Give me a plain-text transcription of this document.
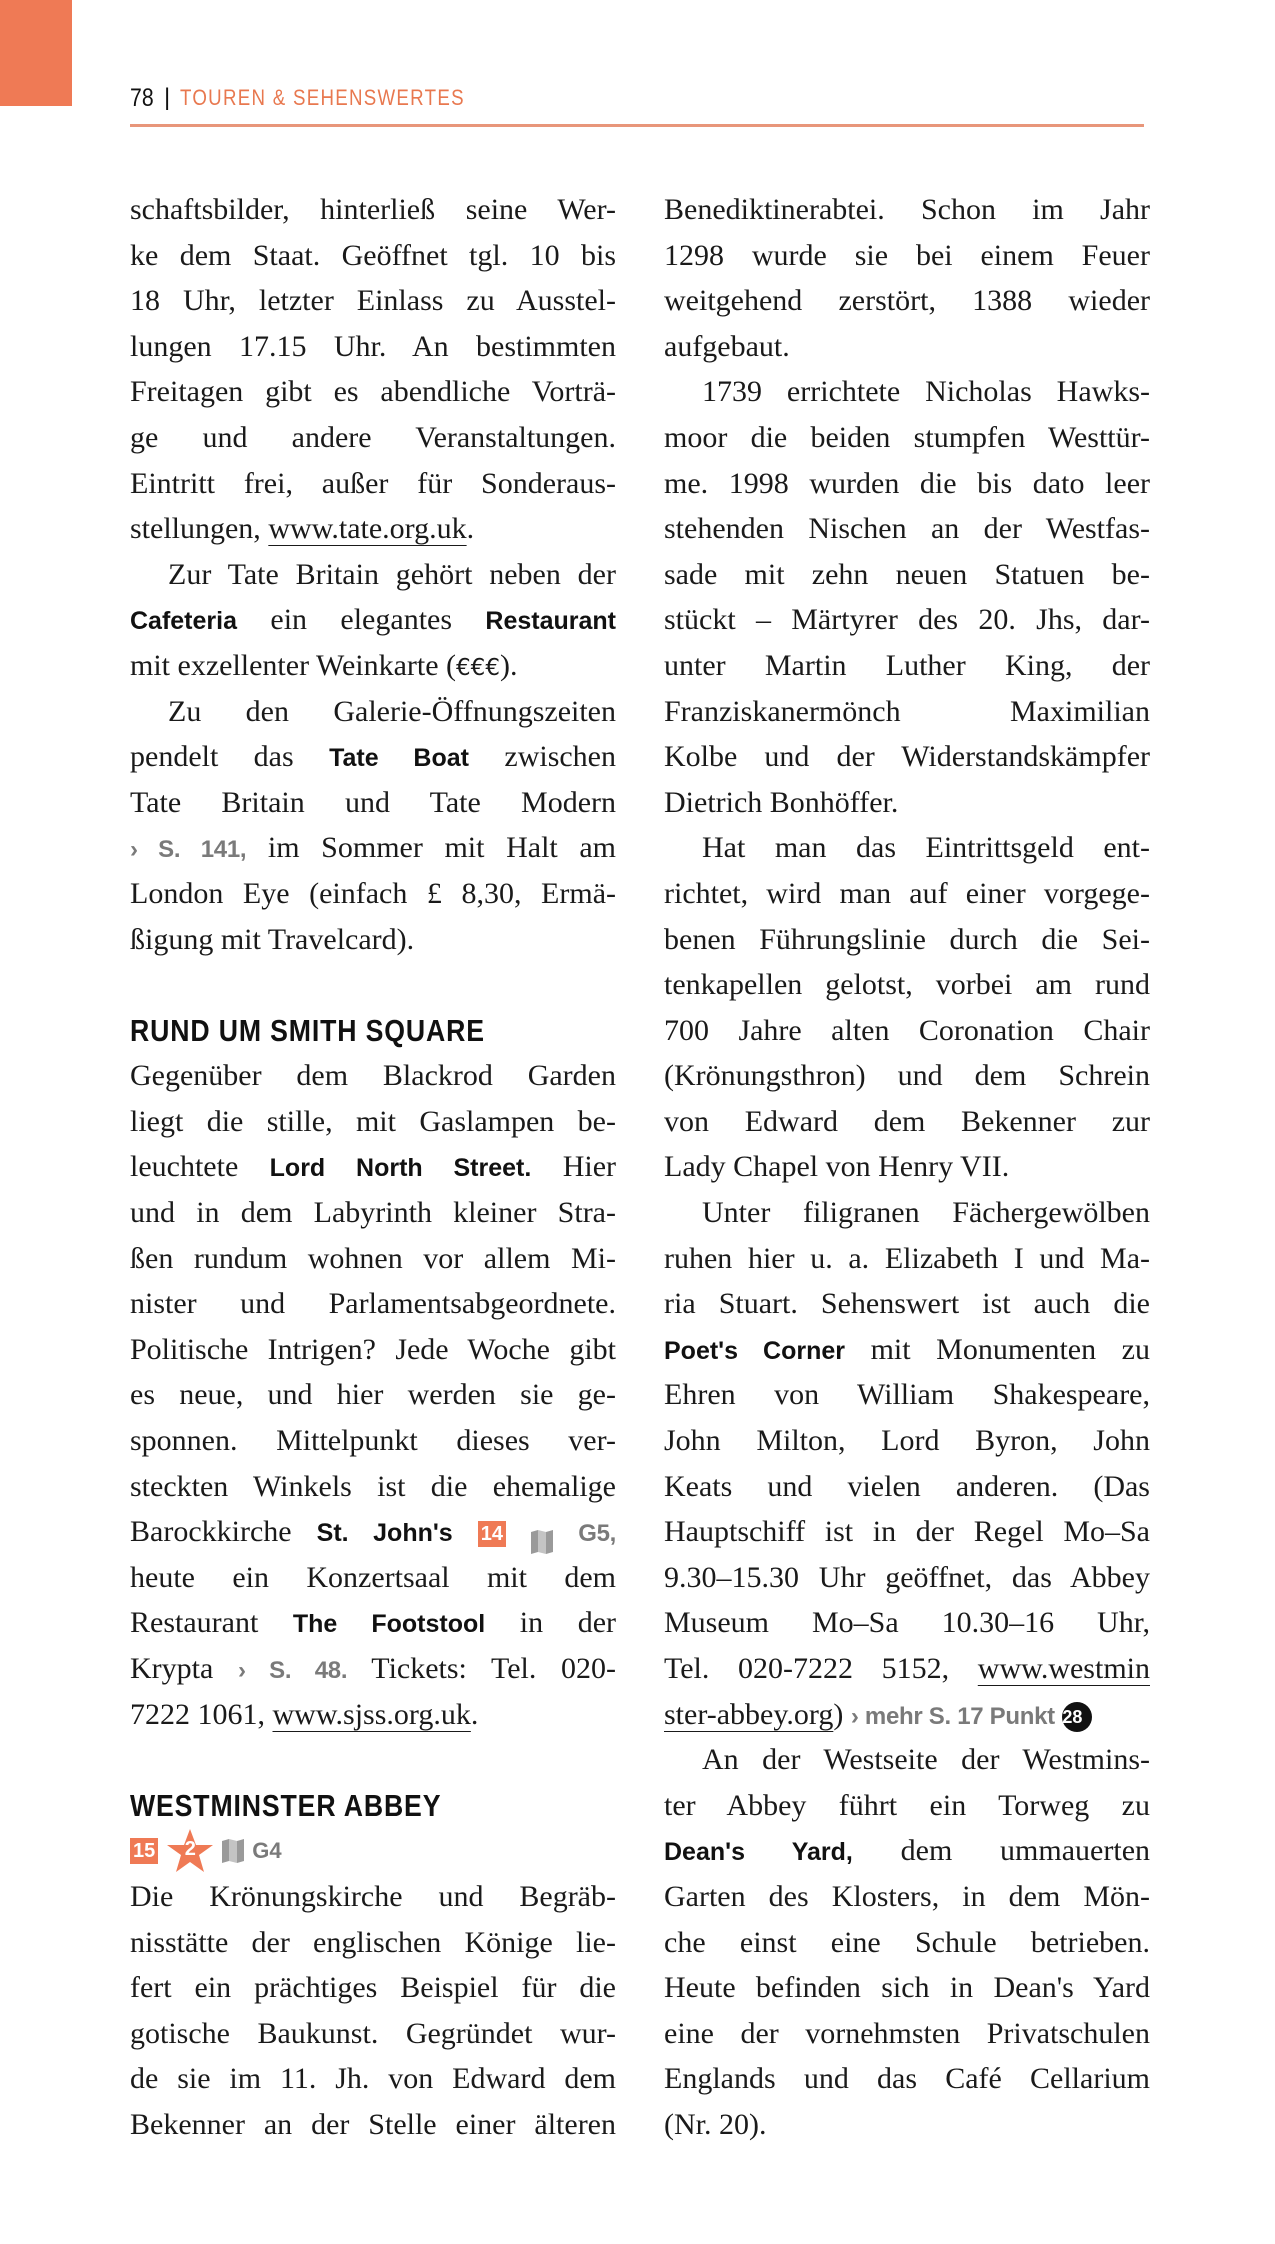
78 | TOUREN & SEHENSWERTES
schaftsbilder, hinterließ seine Wer-
ke dem Staat. Geöffnet tgl. 10 bis
18 Uhr, letzter Einlass zu Ausstel-
lungen 17.15 Uhr. An bestimmten
Freitagen gibt es abendliche Vorträ-
ge und andere Veranstaltungen.
Eintritt frei, außer für Sonderaus-
stellungen, www.tate.org.uk.
Zur Tate Britain gehört neben der
Cafeteria ein elegantes Restaurant
mit exzellenter Weinkarte (€€€).
Zu den Galerie-Öffnungszeiten
pendelt das Tate Boat zwischen
Tate Britain und Tate Modern
› S. 141, im Sommer mit Halt am
London Eye (einfach £ 8,30, Ermä-
ßigung mit Travelcard).
RUND UM SMITH SQUARE
Gegenüber dem Blackrod Garden
liegt die stille, mit Gaslampen be-
leuchtete Lord North Street. Hier
und in dem Labyrinth kleiner Stra-
ßen rundum wohnen vor allem Mi-
nister und Parlamentsabgeordnete.
Politische Intrigen? Jede Woche gibt
es neue, und hier werden sie ge-
sponnen. Mittelpunkt dieses ver-
steckten Winkels ist die ehemalige
Barockkirche St. John's 14	G5,
heute ein Konzertsaal mit dem
Restaurant The Footstool in der
Krypta › S. 48. Tickets: Tel. 020-
7222 1061, www.sjss.org.uk.
WESTMINSTER ABBEY
15	2	G4
Die Krönungskirche und Begräb-
nisstätte der englischen Könige lie-
fert ein prächtiges Beispiel für die
gotische Baukunst. Gegründet wur-
de sie im 11. Jh. von Edward dem
Bekenner an der Stelle einer älteren
Benediktinerabtei. Schon im Jahr
1298 wurde sie bei einem Feuer
weitgehend zerstört, 1388 wieder
aufgebaut.
1739 errichtete Nicholas Hawks-
moor die beiden stumpfen Westtür-
me. 1998 wurden die bis dato leer
stehenden Nischen an der Westfas-
sade mit zehn neuen Statuen be-
stückt – Märtyrer des 20. Jhs, dar-
unter Martin Luther King, der
Franziskanermönch Maximilian
Kolbe und der Widerstandskämpfer
Dietrich Bonhöffer.
Hat man das Eintrittsgeld ent-
richtet, wird man auf einer vorgege-
benen Führungslinie durch die Sei-
tenkapellen gelotst, vorbei am rund
700 Jahre alten Coronation Chair
(Krönungsthron) und dem Schrein
von Edward dem Bekenner zur
Lady Chapel von Henry VII.
Unter filigranen Fächergewölben
ruhen hier u. a. Elizabeth I und Ma-
ria Stuart. Sehenswert ist auch die
Poet's Corner mit Monumenten zu
Ehren von William Shakespeare,
John Milton, Lord Byron, John
Keats und vielen anderen. (Das
Hauptschiff ist in der Regel Mo–Sa
9.30–15.30 Uhr geöffnet, das Abbey
Museum Mo–Sa 10.30–16 Uhr,
Tel. 020-7222 5152, www.westmin
ster-abbey.org) › mehr S. 17 Punkt 28
An der Westseite der Westmins-
ter Abbey führt ein Torweg zu
Dean's Yard, dem ummauerten
Garten des Klosters, in dem Mön-
che einst eine Schule betrieben.
Heute befinden sich in Dean's Yard
eine der vornehmsten Privatschulen
Englands und das Café Cellarium
(Nr. 20).
